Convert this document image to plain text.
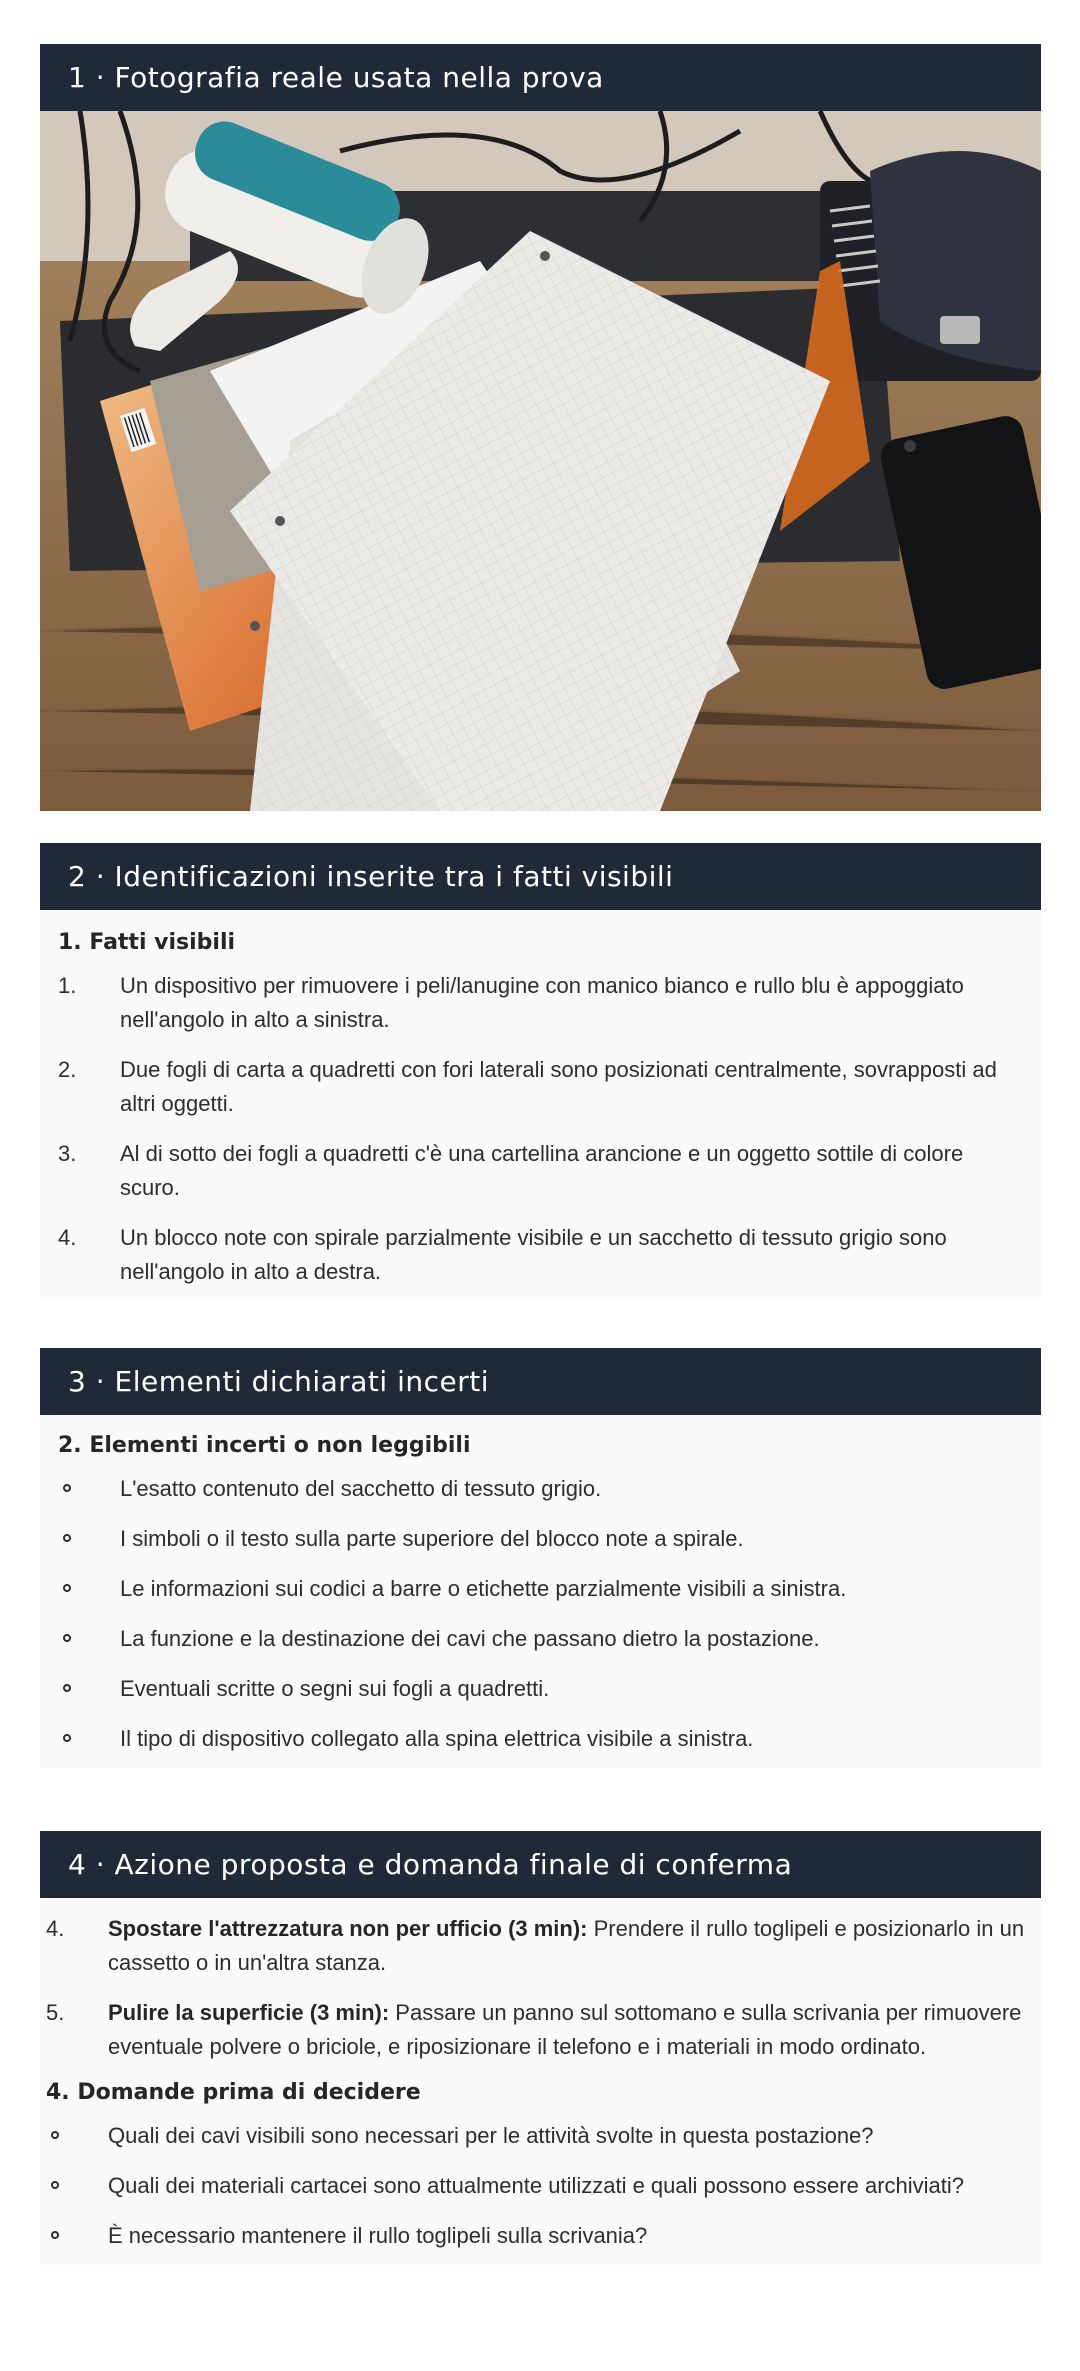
1 · Fotografia reale usata nella prova
2 · Identificazioni inserite tra i fatti visibili

1. Fatti visibili

1. Un dispositivo per rimuovere i peli/lanugine con manico bianco e rullo blu è appoggiato nell'angolo in alto a sinistra.
2. Due fogli di carta a quadretti con fori laterali sono posizionati centralmente, sovrapposti ad altri oggetti.
3. Al di sotto dei fogli a quadretti c'è una cartellina arancione e un oggetto sottile di colore scuro.
4. Un blocco note con spirale parzialmente visibile e un sacchetto di tessuto grigio sono nell'angolo in alto a destra.
3 · Elementi dichiarati incerti

2. Elementi incerti o non leggibili

L'esatto contenuto del sacchetto di tessuto grigio.
I simboli o il testo sulla parte superiore del blocco note a spirale.
Le informazioni sui codici a barre o etichette parzialmente visibili a sinistra.
La funzione e la destinazione dei cavi che passano dietro la postazione.
Eventuali scritte o segni sui fogli a quadretti.
Il tipo di dispositivo collegato alla spina elettrica visibile a sinistra.
4 · Azione proposta e domanda finale di conferma
4. Spostare l'attrezzatura non per ufficio (3 min): Prendere il rullo toglipeli e posizionarlo in un cassetto o in un'altra stanza.
5. Pulire la superficie (3 min): Passare un panno sul sottomano e sulla scrivania per rimuovere eventuale polvere o briciole, e riposizionare il telefono e i materiali in modo ordinato.

4. Domande prima di decidere

Quali dei cavi visibili sono necessari per le attività svolte in questa postazione?
Quali dei materiali cartacei sono attualmente utilizzati e quali possono essere archiviati?
È necessario mantenere il rullo toglipeli sulla scrivania?
